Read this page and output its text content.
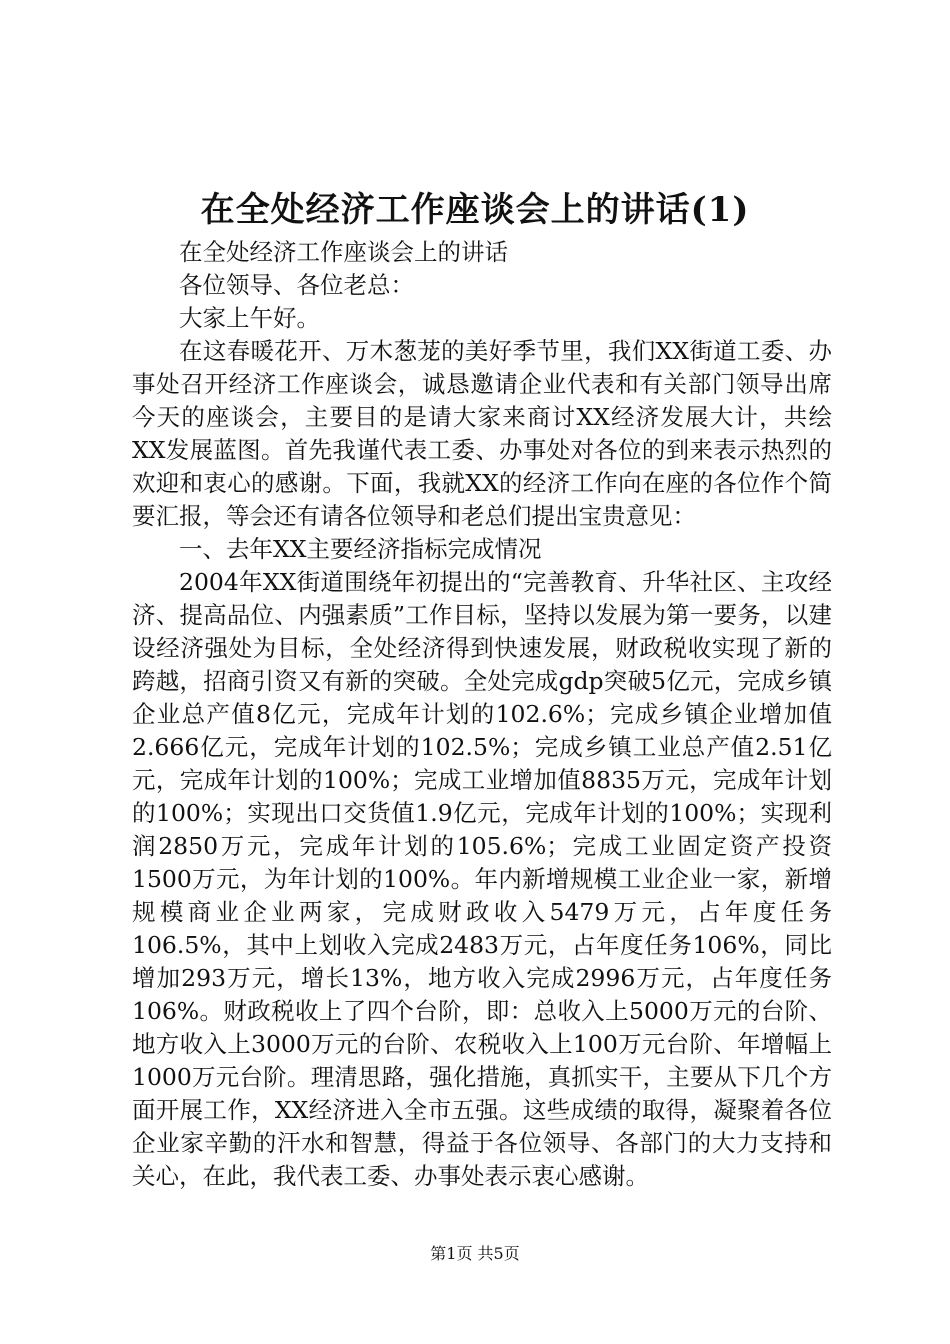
在全处经济工作座谈会上的讲话(1)

在全处经济工作座谈会上的讲话

各位领导、各位老总：

大家上午好。

在这春暖花开、万木葱茏的美好季节里，我们XX街道工委、办事处召开经济工作座谈会，诚恳邀请企业代表和有关部门领导出席今天的座谈会，主要目的是请大家来商讨XX经济发展大计，共绘XX发展蓝图。首先我谨代表工委、办事处对各位的到来表示热烈的欢迎和衷心的感谢。下面，我就XX的经济工作向在座的各位作个简要汇报，等会还有请各位领导和老总们提出宝贵意见：

一、去年XX主要经济指标完成情况

2004年XX街道围绕年初提出的“完善教育、升华社区、主攻经济、提高品位、内强素质”工作目标，坚持以发展为第一要务，以建设经济强处为目标，全处经济得到快速发展，财政税收实现了新的跨越，招商引资又有新的突破。全处完成gdp突破5亿元，完成乡镇企业总产值8亿元，完成年计划的102.6%；完成乡镇企业增加值2.666亿元，完成年计划的102.5%；完成乡镇工业总产值2.51亿元，完成年计划的100%；完成工业增加值8835万元，完成年计划的100%；实现出口交货值1.9亿元，完成年计划的100%；实现利润2850万元，完成年计划的105.6%；完成工业固定资产投资1500万元，为年计划的100%。年内新增规模工业企业一家，新增规模商业企业两家，完成财政收入5479万元，占年度任务106.5%，其中上划收入完成2483万元，占年度任务106%，同比增加293万元，增长13%，地方收入完成2996万元，占年度任务106%。财政税收上了四个台阶，即：总收入上5000万元的台阶、地方收入上3000万元的台阶、农税收入上100万元台阶、年增幅上1000万元台阶。理清思路，强化措施，真抓实干，主要从下几个方面开展工作，XX经济进入全市五强。这些成绩的取得，凝聚着各位企业家辛勤的汗水和智慧，得益于各位领导、各部门的大力支持和关心，在此，我代表工委、办事处表示衷心感谢。

第1页 共5页
